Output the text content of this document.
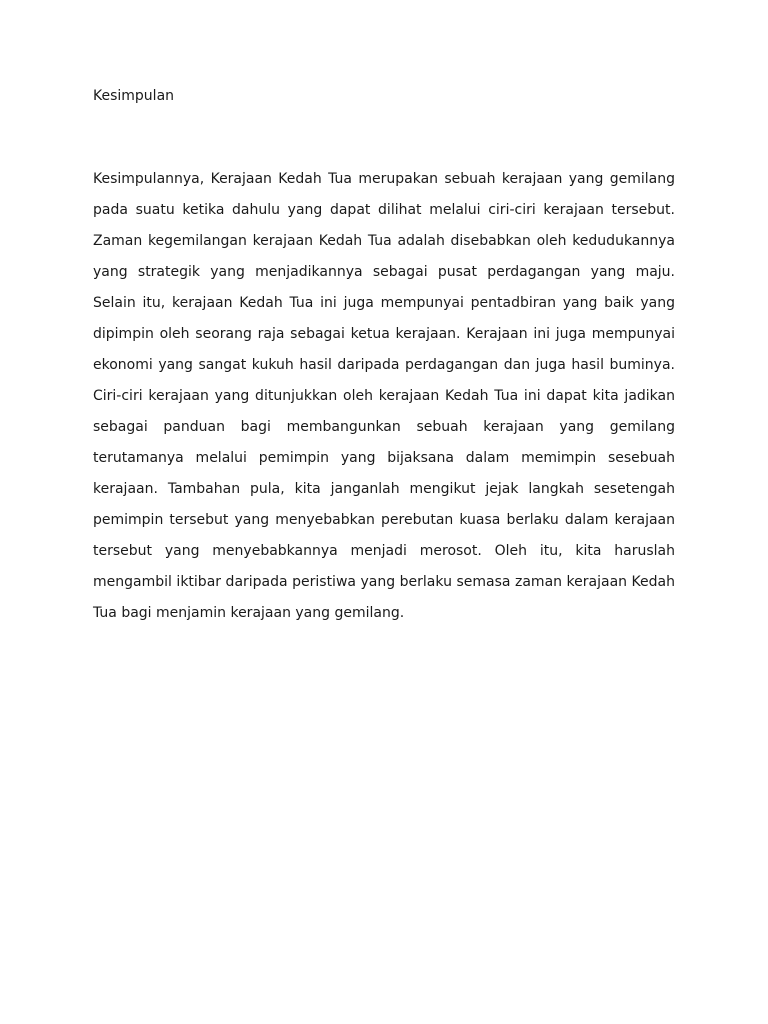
Kesimpulan

Kesimpulannya, Kerajaan Kedah Tua merupakan sebuah kerajaan yang gemilang pada suatu ketika dahulu yang dapat dilihat melalui ciri-ciri kerajaan tersebut. Zaman kegemilangan kerajaan Kedah Tua adalah disebabkan oleh kedudukannya yang strategik yang menjadikannya sebagai pusat perdagangan yang maju. Selain itu, kerajaan Kedah Tua ini juga mempunyai pentadbiran yang baik yang dipimpin oleh seorang raja sebagai ketua kerajaan. Kerajaan ini juga mempunyai ekonomi yang sangat kukuh hasil daripada perdagangan dan juga hasil buminya. Ciri-ciri kerajaan yang ditunjukkan oleh kerajaan Kedah Tua ini dapat kita jadikan sebagai panduan bagi membangunkan sebuah kerajaan yang gemilang terutamanya melalui pemimpin yang bijaksana dalam memimpin sesebuah kerajaan. Tambahan pula, kita janganlah mengikut jejak langkah sesetengah pemimpin tersebut yang menyebabkan perebutan kuasa berlaku dalam kerajaan tersebut yang menyebabkannya menjadi merosot. Oleh itu, kita haruslah mengambil iktibar daripada peristiwa yang berlaku semasa zaman kerajaan Kedah Tua bagi menjamin kerajaan yang gemilang.
